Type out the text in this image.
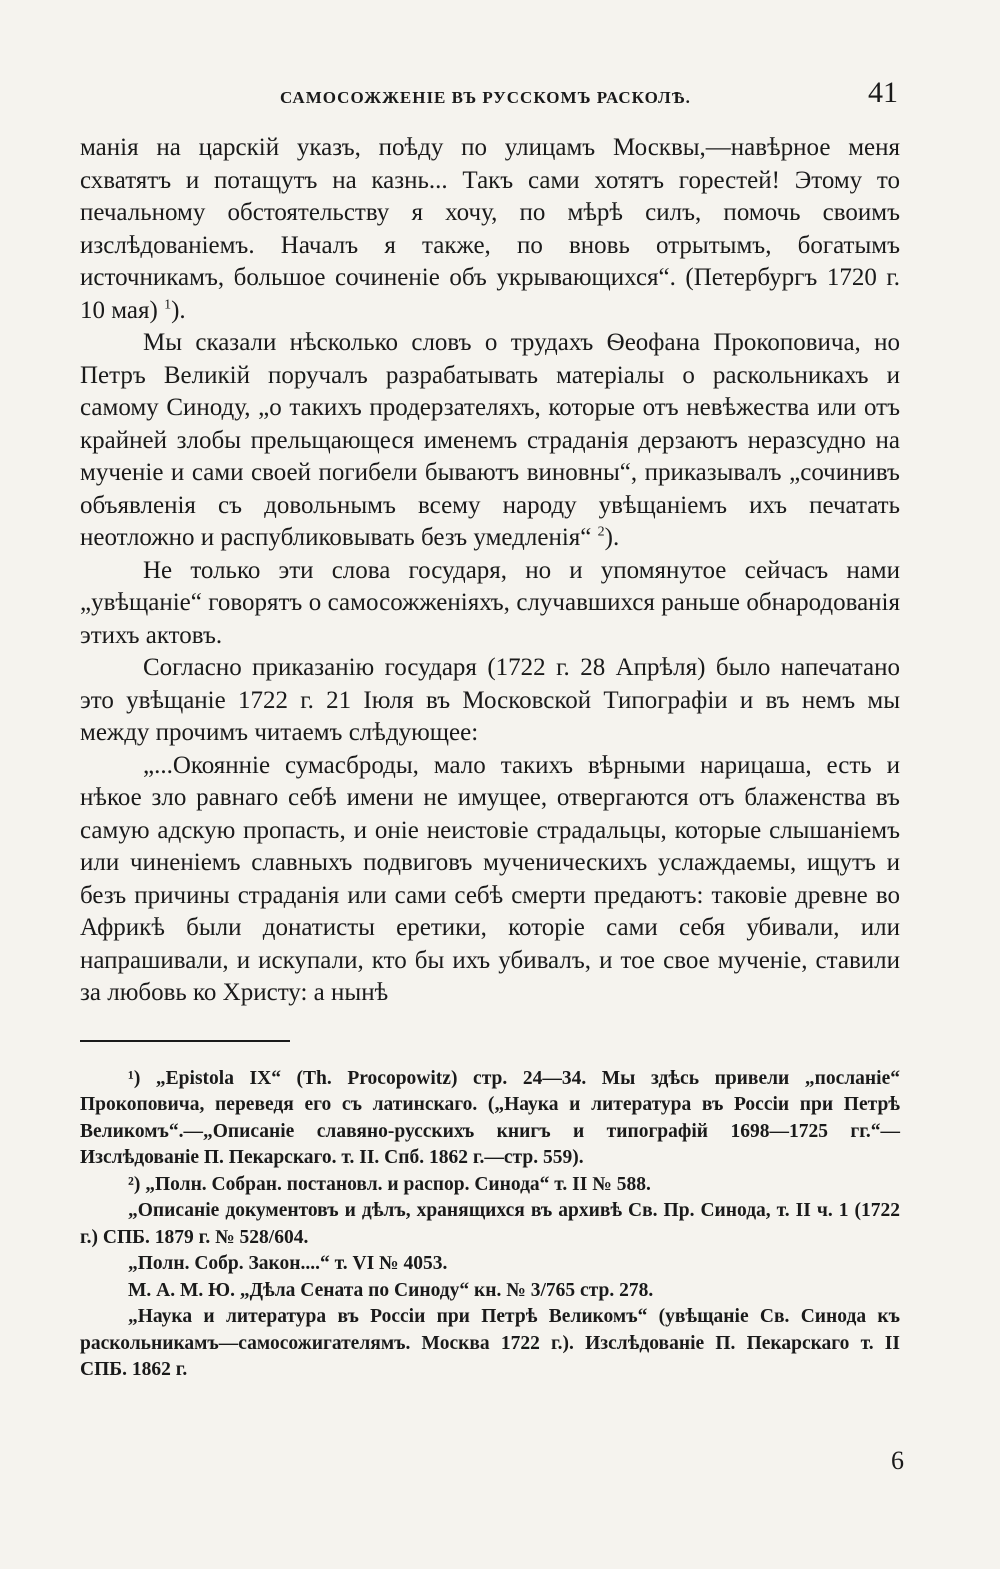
САМОСОЖЖЕНІЕ ВЪ РУССКОМЪ РАСКОЛѢ.	41

манія на царскій указъ, поѣду по улицамъ Москвы,—навѣрное меня схватятъ и потащутъ на казнь... Такъ сами хотятъ горестей! Этому то печальному обстоятельству я хочу, по мѣрѣ силъ, помочь своимъ изслѣдованіемъ. Началъ я также, по вновь отрытымъ, богатымъ источникамъ, большое сочиненіе объ укрывающихся“. (Петербургъ 1720 г. 10 мая) $^1$).

Мы сказали нѣсколько словъ о трудахъ Ѳеофана Прокоповича, но Петръ Великій поручалъ разрабатывать матеріалы о раскольникахъ и самому Синоду, „о такихъ продерзателяхъ, которые отъ невѣжества или отъ крайней злобы прельщающеся именемъ страданія дерзаютъ неразсудно на мученіе и сами своей погибели бываютъ виновны“, приказывалъ „сочинивъ объявленія съ довольнымъ всему народу увѣщаніемъ ихъ печатать неотложно и распубликовывать безъ умедленія“ $^2$).

Не только эти слова государя, но и упомянутое сейчасъ нами „увѣщаніе“ говорятъ о самосожженіяхъ, случавшихся раньше обнародованія этихъ актовъ.

Согласно приказанію государя (1722 г. 28 Апрѣля) было напечатано это увѣщаніе 1722 г. 21 Іюля въ Московской Типографіи и въ немъ мы между прочимъ читаемъ слѣдующее:

„...Окоянніе сумасброды, мало такихъ вѣрными нарицаша, есть и нѣкое зло равнаго себѣ имени не имущее, отвергаются отъ блаженства въ самую адскую пропасть, и оніе неистовіе страдальцы, которые слышаніемъ или чиненіемъ славныхъ подвиговъ мученическихъ услаждаемы, ищутъ и безъ причины страданія или сами себѣ смерти предаютъ: таковіе древне во Африкѣ были донатисты еретики, которіе сами себя убивали, или напрашивали, и искупали, кто бы ихъ убивалъ, и тое свое мученіе, ставили за любовь ко Христу: а нынѣ

¹) „Epistola IX“ (Th. Procopowitz) стр. 24—34. Мы здѣсь привели „посланіе“ Прокоповича, переведя его съ латинскаго. („Наука и литература въ Россіи при Петрѣ Великомъ“.—„Описаніе славяно-русскихъ книгъ и типографій 1698—1725 гг.“—Изслѣдованіе П. Пекарскаго. т. II. Спб. 1862 г.—стр. 559).

²) „Полн. Собран. постановл. и распор. Синода“ т. II № 588.

„Описаніе документовъ и дѣлъ, хранящихся въ архивѣ Св. Пр. Синода, т. II ч. 1 (1722 г.) СПБ. 1879 г. № 528/604.

„Полн. Собр. Закон....“ т. VI № 4053.

М. А. М. Ю. „Дѣла Сената по Синоду“ кн. № 3/765 стр. 278.

„Наука и литература въ Россіи при Петрѣ Великомъ“ (увѣщаніе Св. Синода къ раскольникамъ—самосожигателямъ. Москва 1722 г.). Изслѣдованіе П. Пекарскаго т. II СПБ. 1862 г.

6
